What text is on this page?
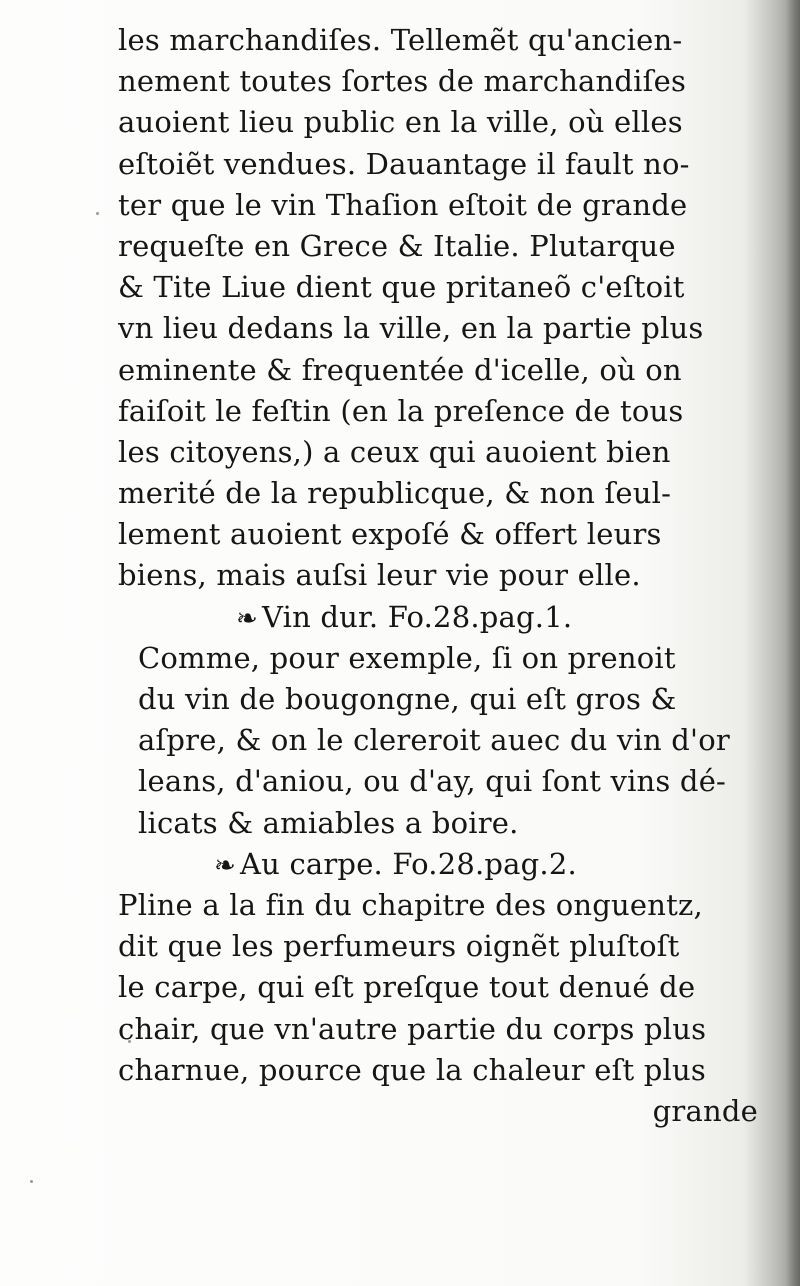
les marchandiſes. Tellemẽt qu'ancien-
nement toutes ſortes de marchandiſes
auoient lieu public en la ville, où elles
eſtoiẽt vendues. Dauantage il fault no-
ter que le vin Thaſion eſtoit de grande
requeſte en Grece & Italie. Plutarque
& Tite Liue dient que pritaneõ c'eſtoit
vn lieu dedans la ville, en la partie plus
eminente & frequentée d'icelle, où on
faiſoit le feſtin (en la preſence de tous
les citoyens,) a ceux qui auoient bien
merité de la republicque, & non ſeul-
lement auoient expoſé & offert leurs
biens, mais auſsi leur vie pour elle.
❧ Vin dur. Fo.28.pag.1.
Comme, pour exemple, ſi on prenoit
du vin de bougongne, qui eſt gros &
aſpre, & on le clereroit auec du vin d'or
leans, d'aniou, ou d'ay, qui ſont vins dé-
licats & amiables a boire.
❧ Au carpe. Fo.28.pag.2.
Pline a la fin du chapitre des onguentz,
dit que les perfumeurs oignẽt pluſtoſt
le carpe, qui eſt preſque tout denué de
chair, que vn'autre partie du corps plus
charnue, pource que la chaleur eſt plus
grande
